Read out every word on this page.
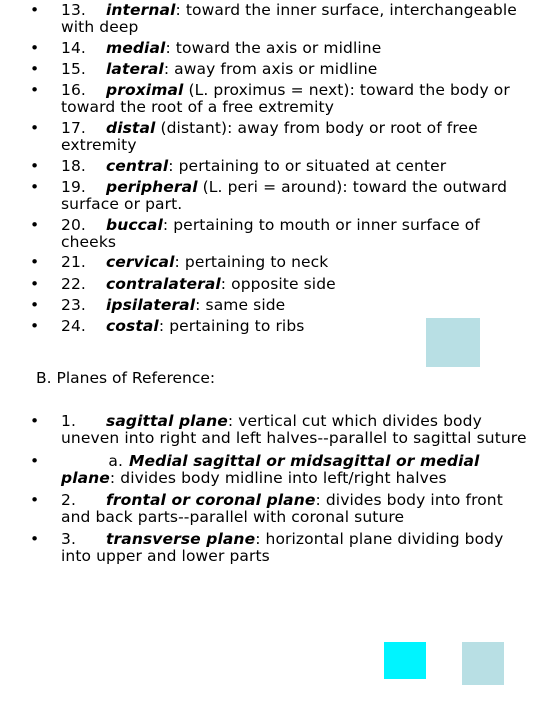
• 13. internal: toward the inner surface, interchangeable with deep
• 14. medial: toward the axis or midline
• 15. lateral: away from axis or midline
• 16. proximal (L. proximus = next): toward the body or toward the root of a free extremity
• 17. distal (distant): away from body or root of free extremity
• 18. central: pertaining to or situated at center
• 19. peripheral (L. peri = around): toward the outward surface or part.
• 20. buccal: pertaining to mouth or inner surface of cheeks
• 21. cervical: pertaining to neck
• 22. contralateral: opposite side
• 23. ipsilateral: same side
• 24. costal: pertaining to ribs
B. Planes of Reference:
• 1. sagittal plane: vertical cut which divides body uneven into right and left halves--parallel to sagittal suture
•	a. Medial sagittal or midsagittal or medial plane: divides body midline into left/right halves
• 2. frontal or coronal plane: divides body into front and back parts--parallel with coronal suture
• 3. transverse plane: horizontal plane dividing body into upper and lower parts
